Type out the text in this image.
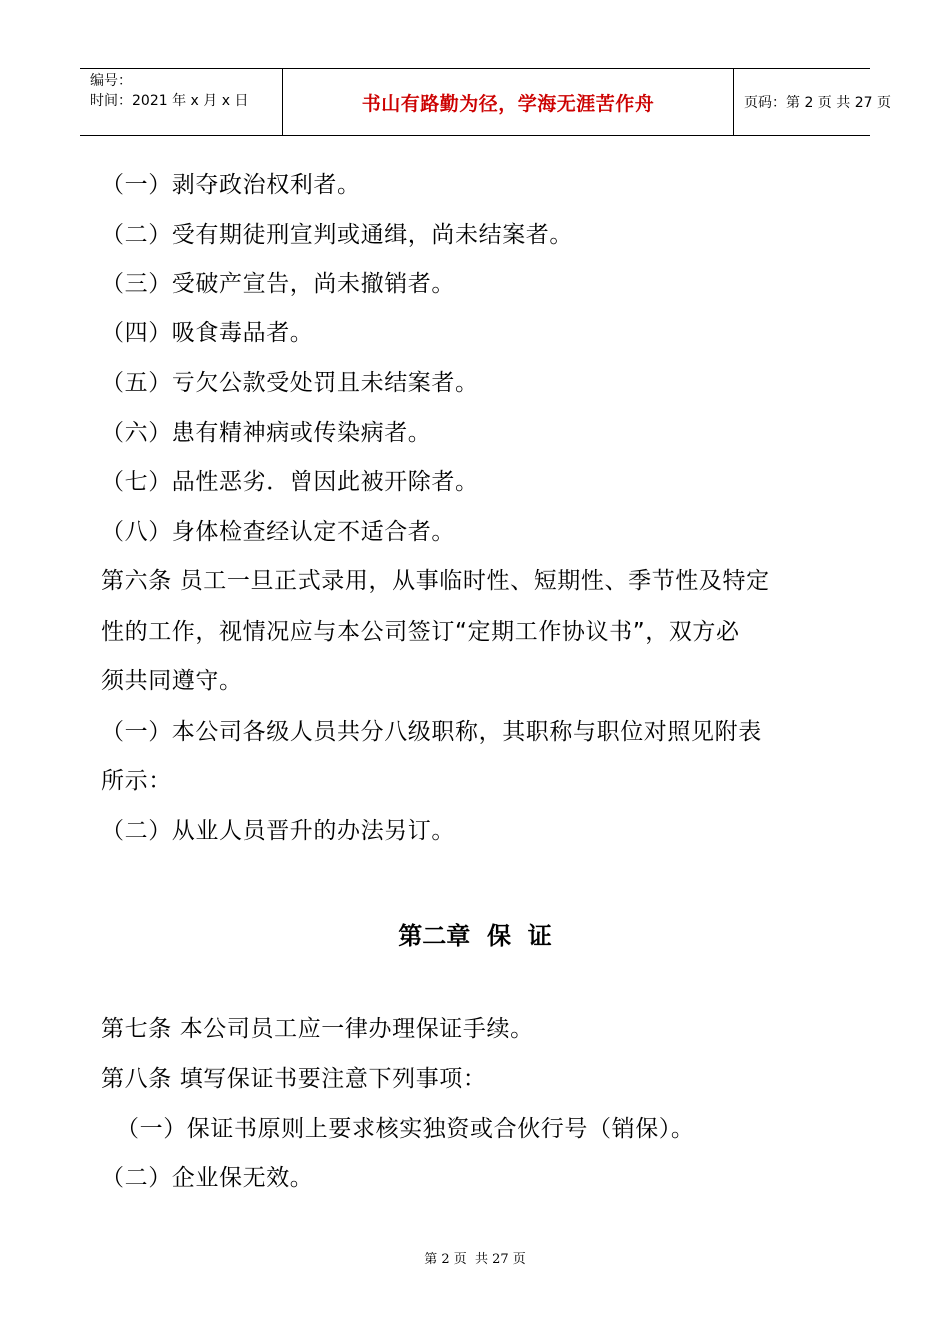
编号：
时间：2021 年 x 月 x 日	书山有路勤为径，学海无涯苦作舟	页码：第 2 页 共 27 页
（一）剥夺政治权利者。
（二）受有期徒刑宣判或通缉，尚未结案者。
（三）受破产宣告，尚未撤销者。
（四）吸食毒品者。
（五）亏欠公款受处罚且未结案者。
（六）患有精神病或传染病者。
（七）品性恶劣．曾因此被开除者。
（八）身体检查经认定不适合者。
第六条 员工一旦正式录用，从事临时性、短期性、季节性及特定
性的工作，视情况应与本公司签订“定期工作协议书”，双方必
须共同遵守。
（一）本公司各级人员共分八级职称，其职称与职位对照见附表
所示：
（二）从业人员晋升的办法另订。
第二章  保  证
第七条 本公司员工应一律办理保证手续。
第八条 填写保证书要注意下列事项：
（一）保证书原则上要求核实独资或合伙行号（销保）。
（二）企业保无效。
第 2 页  共 27 页
